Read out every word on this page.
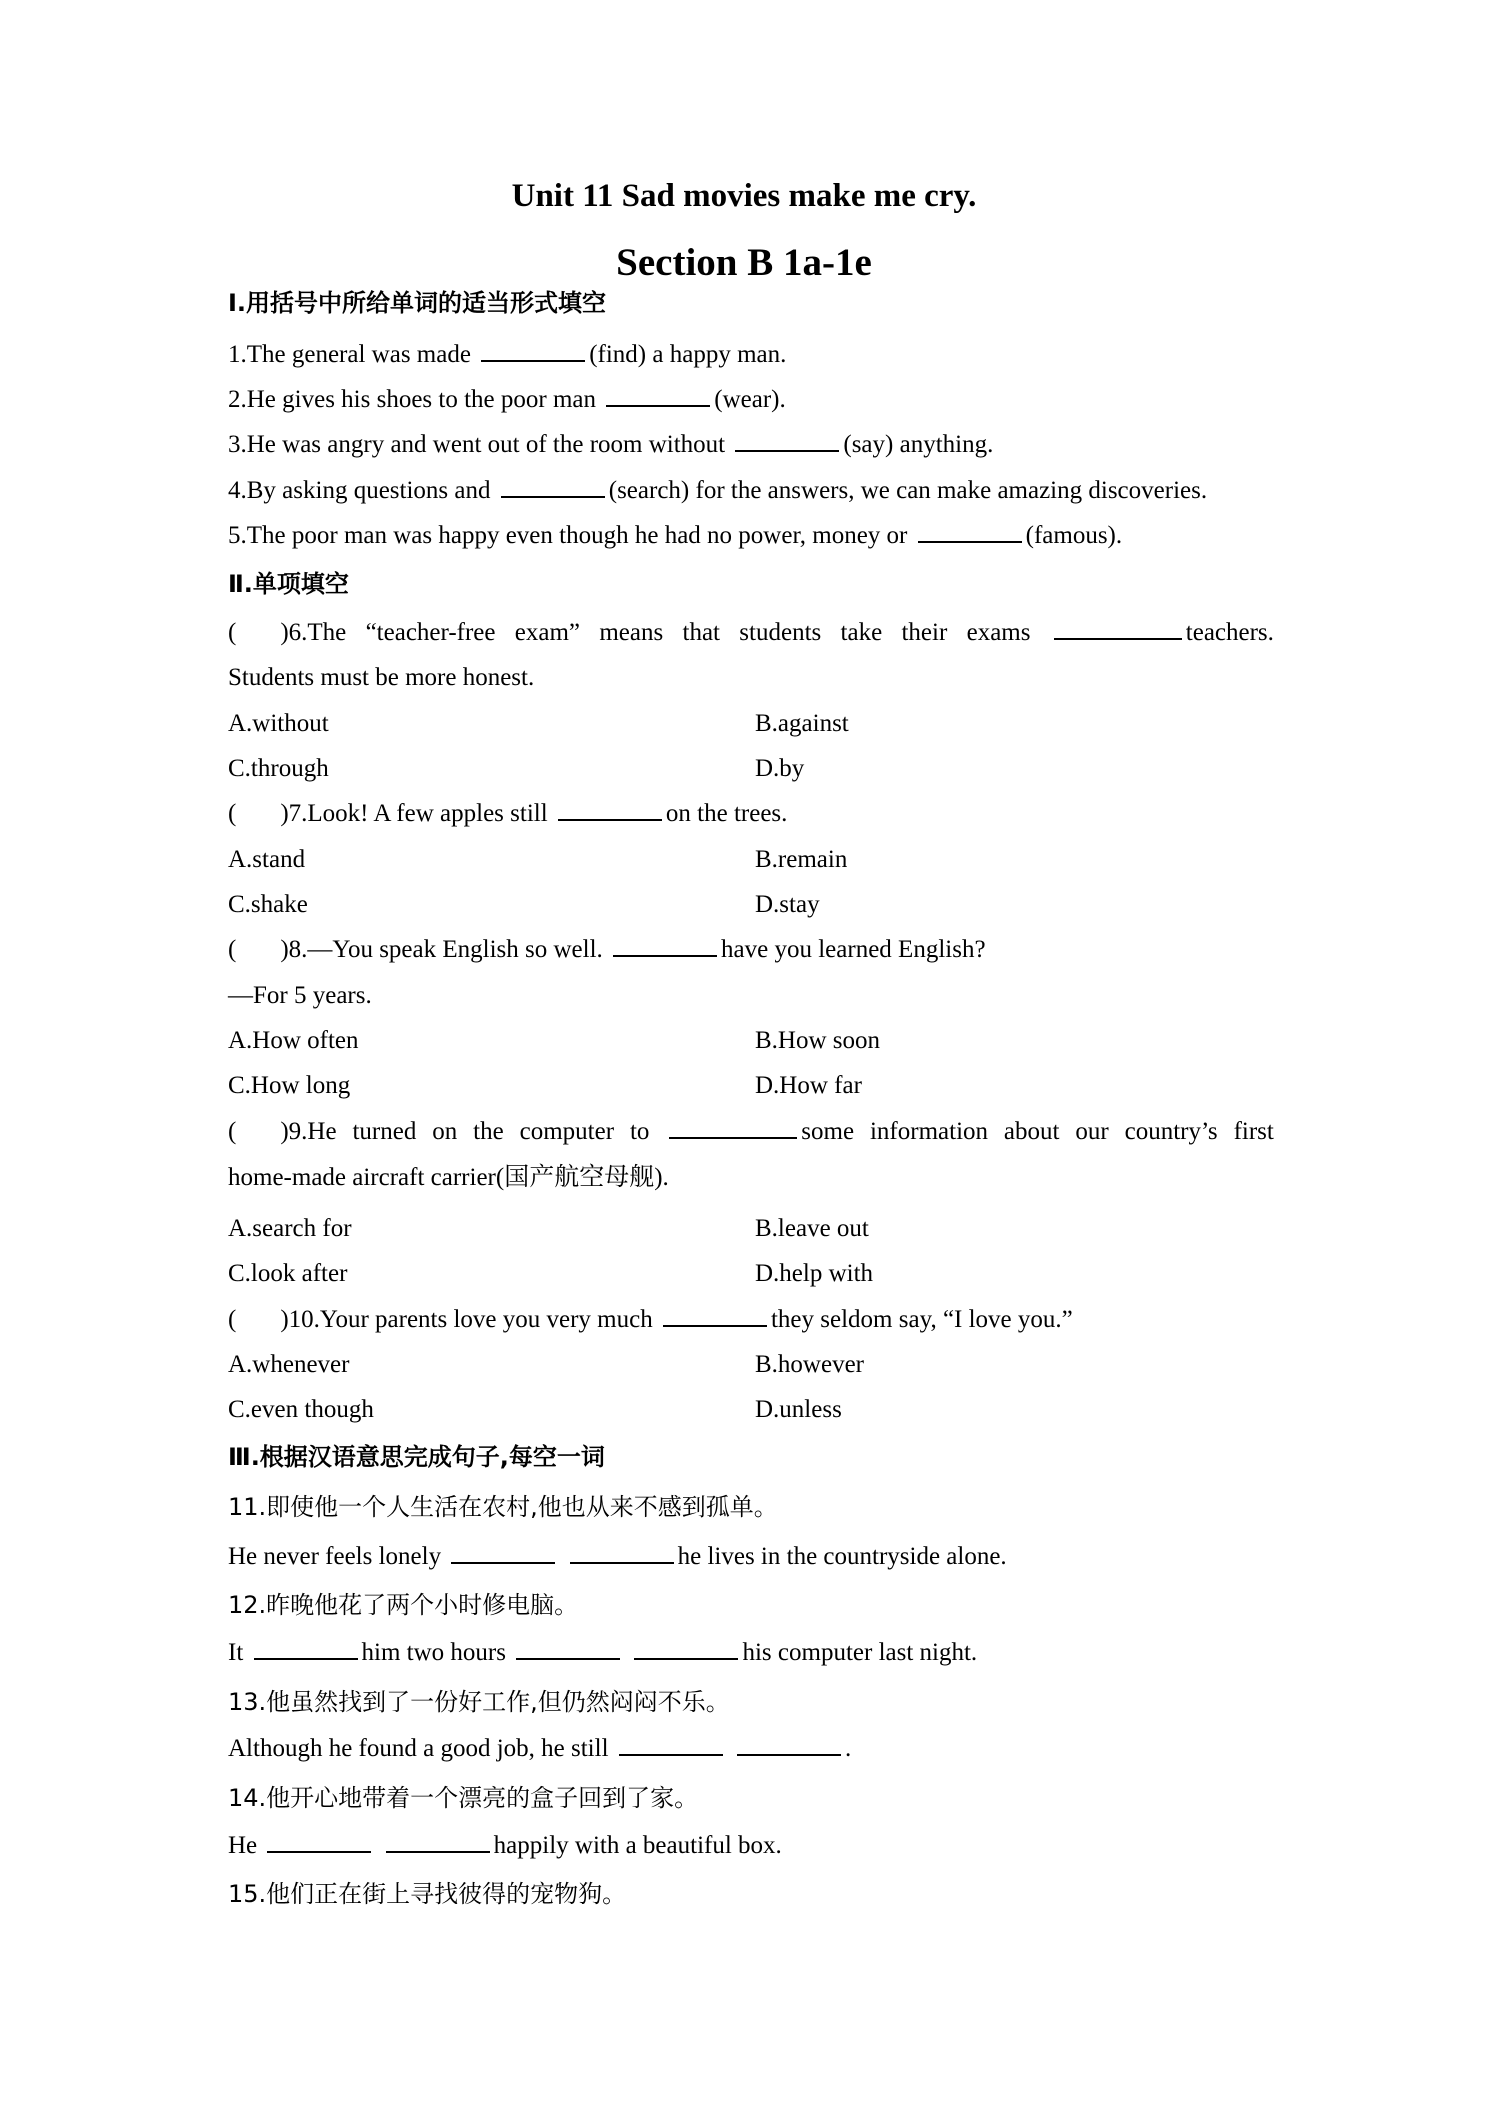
Unit 11 Sad movies make me cry.
Section B 1a-1e
Ⅰ.用括号中所给单词的适当形式填空
1.The general was made	(find) a happy man.
2.He gives his shoes to the poor man	(wear).
3.He was angry and went out of the room without	(say) anything.
4.By asking questions and	(search) for the answers, we can make amazing discoveries.
5.The poor man was happy even though he had no power, money or	(famous).
Ⅱ.单项填空
( )6.The “teacher-free exam” means that students take their exams	teachers.
Students must be more honest.
A.without	B.against
C.through	D.by
( )7.Look! A few apples still	on the trees.
A.stand	B.remain
C.shake	D.stay
( )8.—You speak English so well.	have you learned English?
—For 5 years.
A.How often	B.How soon
C.How long	D.How far
( )9.He turned on the computer to	some information about our country’s first
home-made aircraft carrier(国产航空母舰).
A.search for	B.leave out
C.look after	D.help with
( )10.Your parents love you very much	they seldom say, “I love you.”
A.whenever	B.however
C.even though	D.unless
Ⅲ.根据汉语意思完成句子,每空一词
11.即使他一个人生活在农村,他也从来不感到孤单。
He never feels lonely	he lives in the countryside alone.
12.昨晚他花了两个小时修电脑。
It	him two hours	his computer last night.
13.他虽然找到了一份好工作,但仍然闷闷不乐。
Although he found a good job, he still	.
14.他开心地带着一个漂亮的盒子回到了家。
He	happily with a beautiful box.
15.他们正在街上寻找彼得的宠物狗。
